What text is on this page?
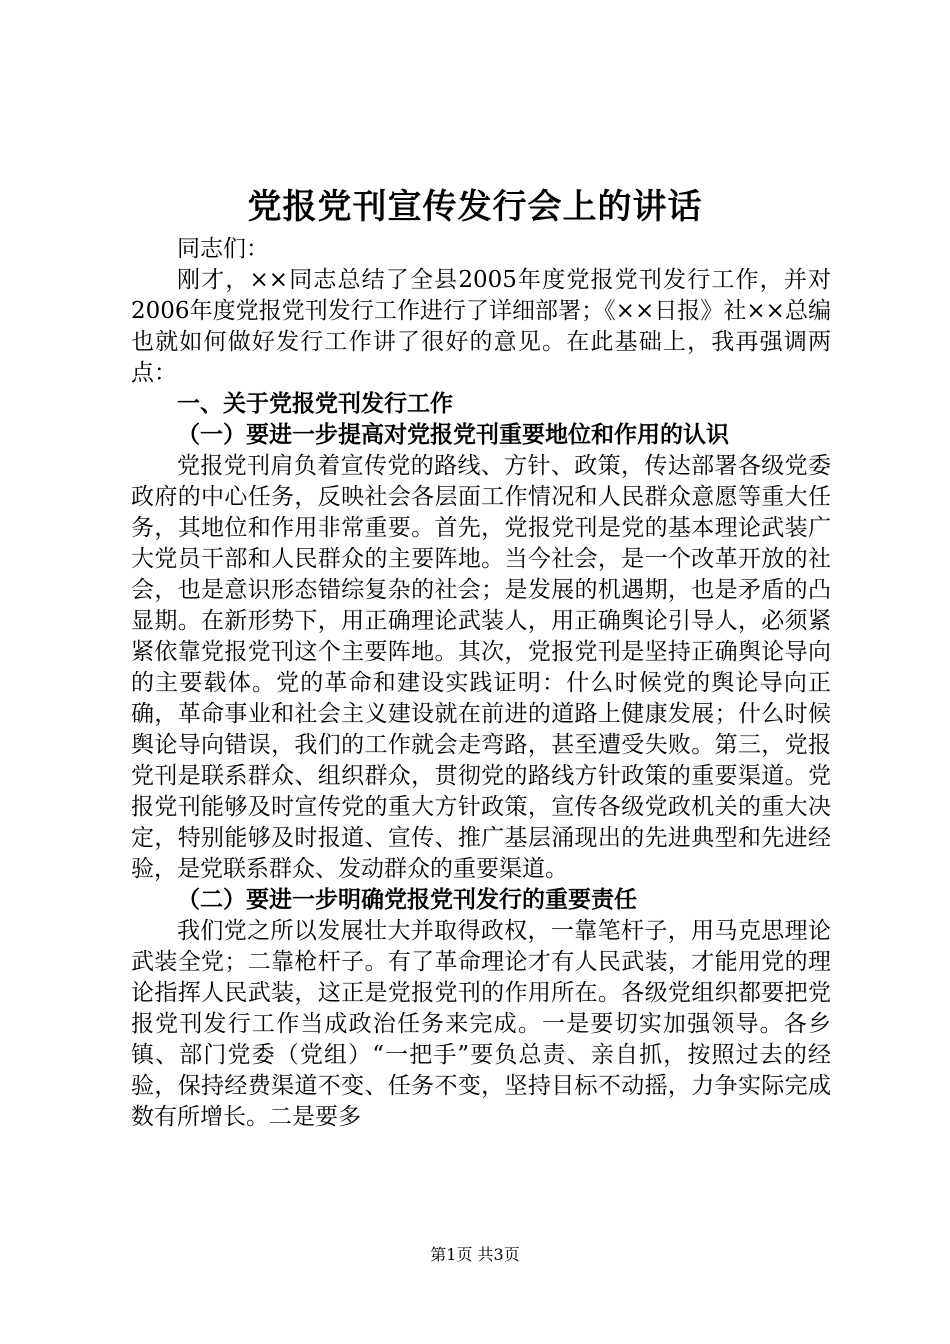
党报党刊宣传发行会上的讲话

同志们：

刚才，××同志总结了全县2005年度党报党刊发行工作，并对2006年度党报党刊发行工作进行了详细部署；《××日报》社××总编也就如何做好发行工作讲了很好的意见。在此基础上，我再强调两点：

一、关于党报党刊发行工作

（一）要进一步提高对党报党刊重要地位和作用的认识

党报党刊肩负着宣传党的路线、方针、政策，传达部署各级党委政府的中心任务，反映社会各层面工作情况和人民群众意愿等重大任务，其地位和作用非常重要。首先，党报党刊是党的基本理论武装广大党员干部和人民群众的主要阵地。当今社会，是一个改革开放的社会，也是意识形态错综复杂的社会；是发展的机遇期，也是矛盾的凸显期。在新形势下，用正确理论武装人，用正确舆论引导人，必须紧紧依靠党报党刊这个主要阵地。其次，党报党刊是坚持正确舆论导向的主要载体。党的革命和建设实践证明：什么时候党的舆论导向正确，革命事业和社会主义建设就在前进的道路上健康发展；什么时候舆论导向错误，我们的工作就会走弯路，甚至遭受失败。第三，党报党刊是联系群众、组织群众，贯彻党的路线方针政策的重要渠道。党报党刊能够及时宣传党的重大方针政策，宣传各级党政机关的重大决定，特别能够及时报道、宣传、推广基层涌现出的先进典型和先进经验，是党联系群众、发动群众的重要渠道。

（二）要进一步明确党报党刊发行的重要责任

我们党之所以发展壮大并取得政权，一靠笔杆子，用马克思理论武装全党；二靠枪杆子。有了革命理论才有人民武装，才能用党的理论指挥人民武装，这正是党报党刊的作用所在。各级党组织都要把党报党刊发行工作当成政治任务来完成。一是要切实加强领导。各乡镇、部门党委（党组）“一把手”要负总责、亲自抓，按照过去的经验，保持经费渠道不变、任务不变，坚持目标不动摇，力争实际完成数有所增长。二是要多

第1页 共3页
